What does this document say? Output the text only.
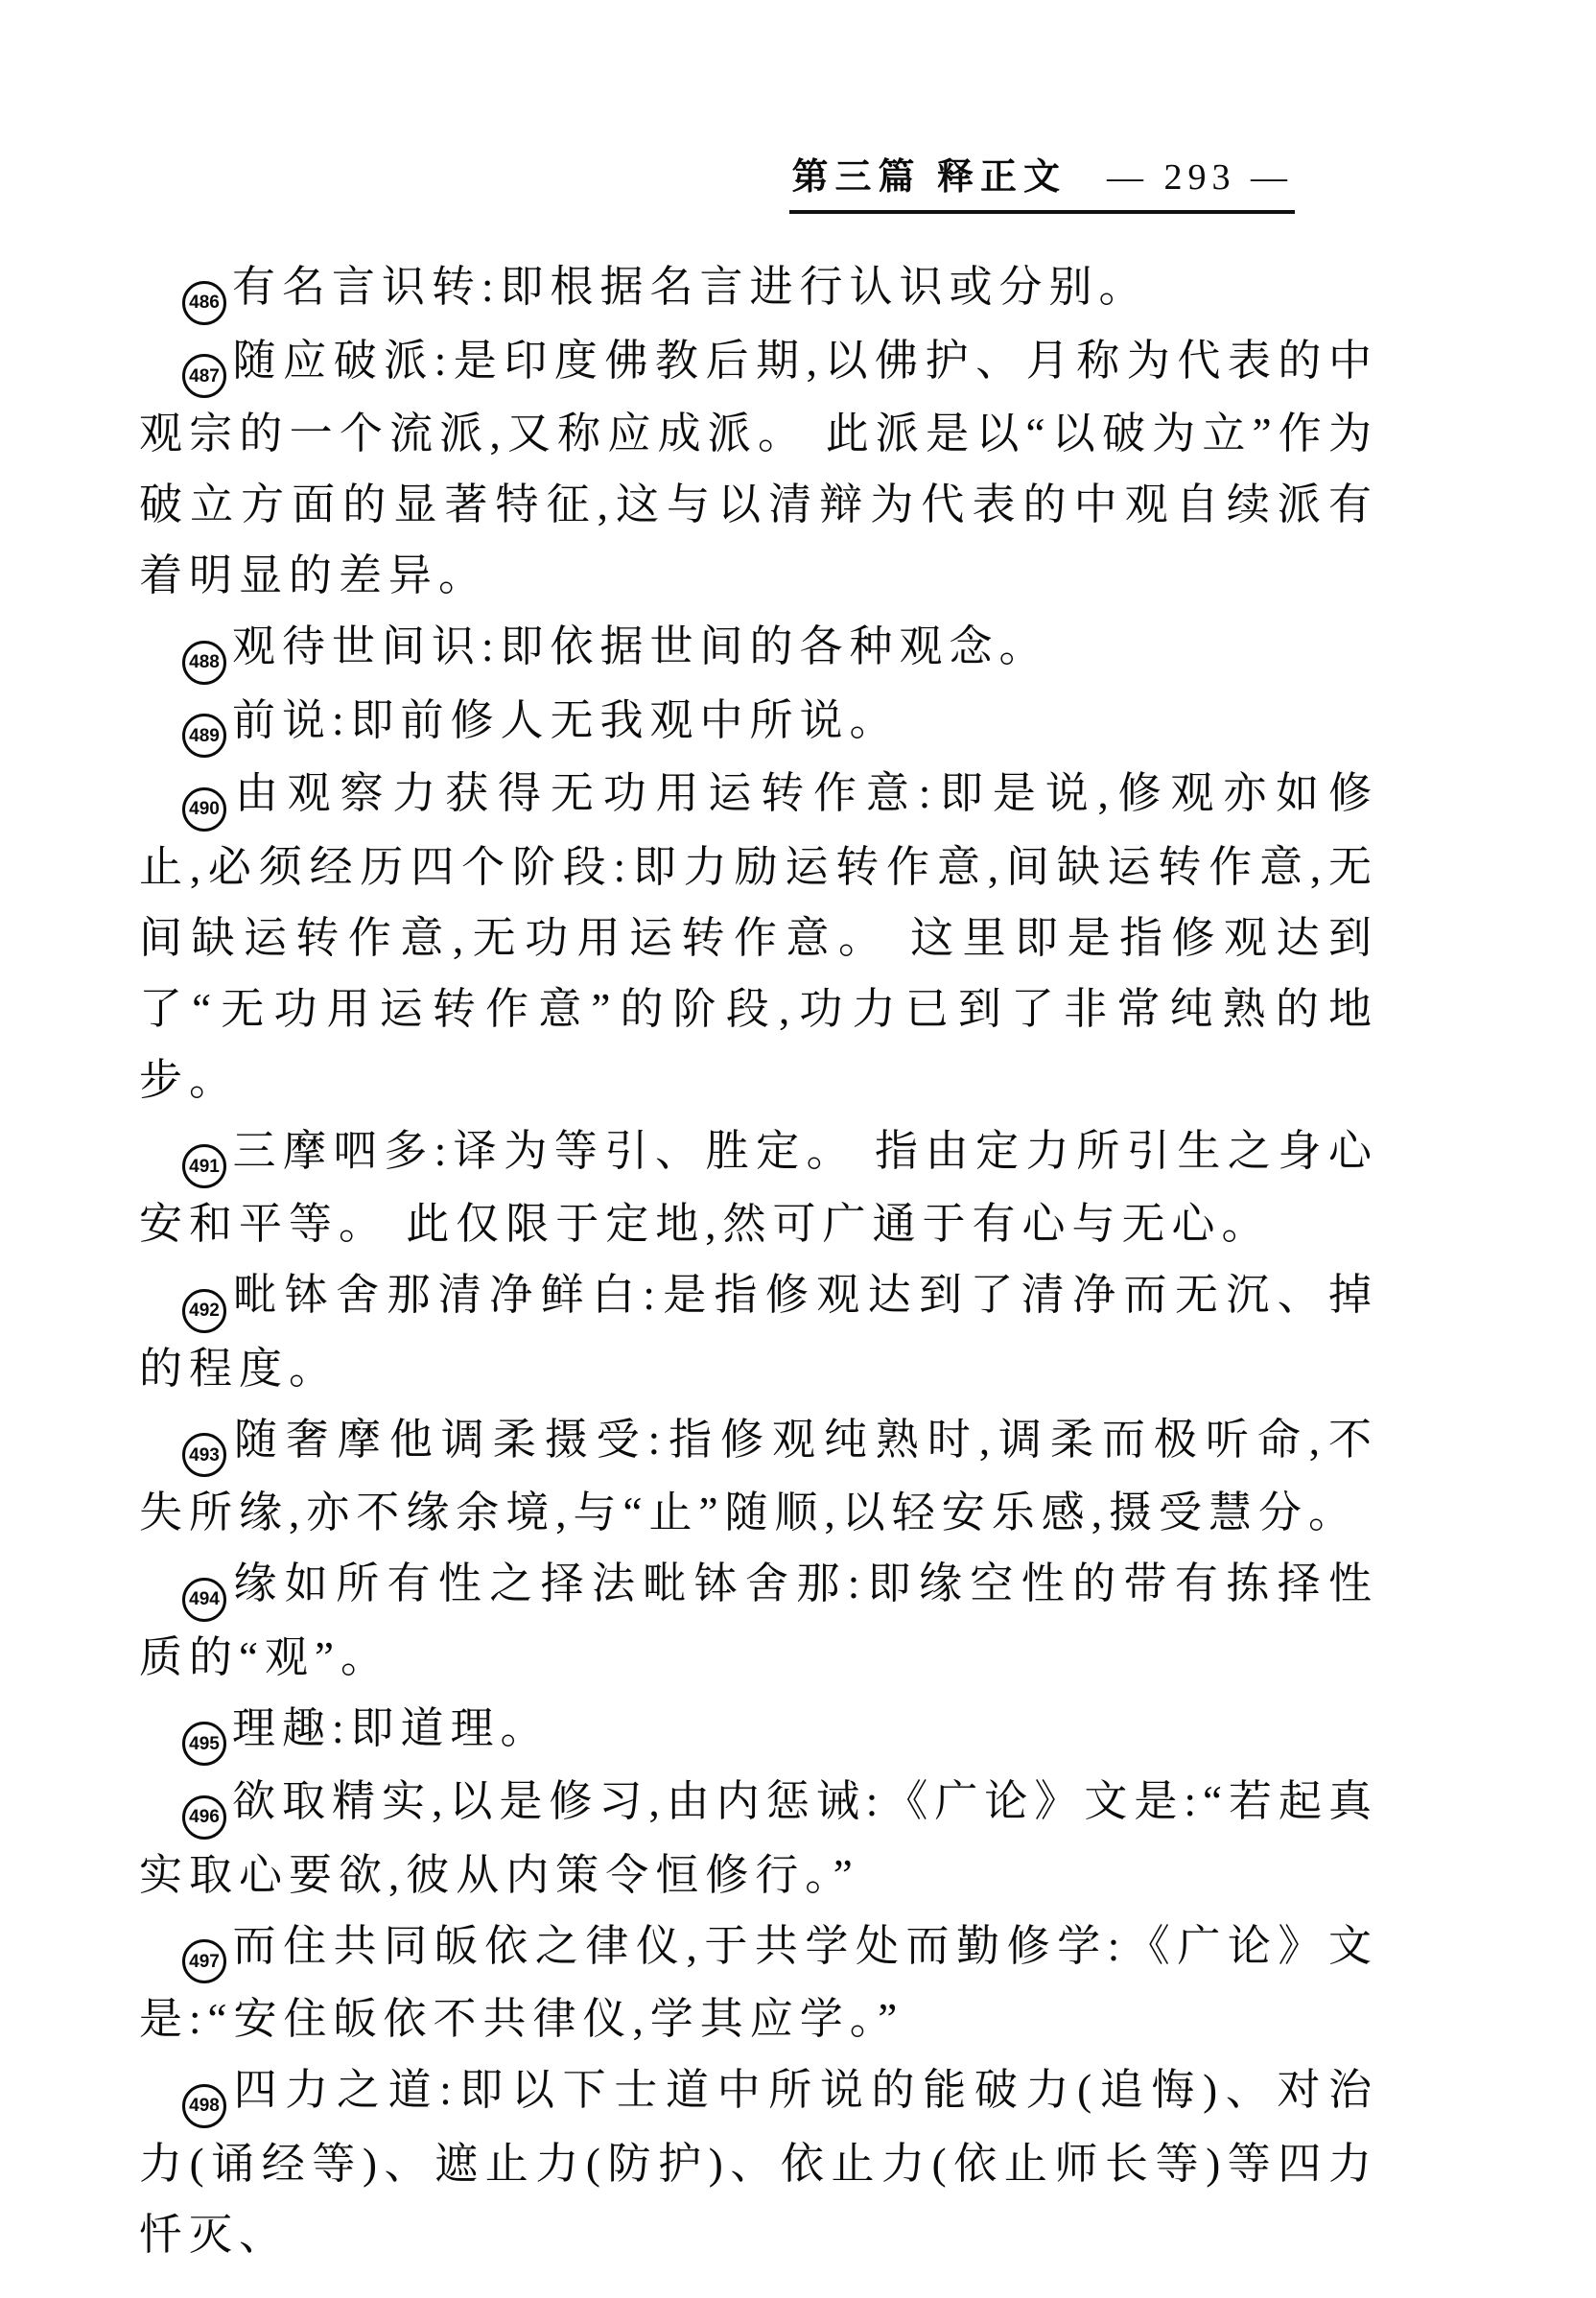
第三篇 释正文 — 293 —

486 有名言识转:即根据名言进行认识或分别。

487 随应破派:是印度佛教后期,以佛护、月称为代表的中观宗的一个流派,又称应成派。 此派是以“以破为立”作为破立方面的显著特征,这与以清辩为代表的中观自续派有着明显的差异。

488 观待世间识:即依据世间的各种观念。

489 前说:即前修人无我观中所说。

490 由观察力获得无功用运转作意:即是说,修观亦如修止,必须经历四个阶段:即力励运转作意,间缺运转作意,无间缺运转作意,无功用运转作意。 这里即是指修观达到了“无功用运转作意”的阶段,功力已到了非常纯熟的地步。

491 三摩呬多:译为等引、胜定。 指由定力所引生之身心安和平等。 此仅限于定地,然可广通于有心与无心。

492 毗钵舍那清净鲜白:是指修观达到了清净而无沉、掉的程度。

493 随奢摩他调柔摄受:指修观纯熟时,调柔而极听命,不失所缘,亦不缘余境,与“止”随顺,以轻安乐感,摄受慧分。

494 缘如所有性之择法毗钵舍那:即缘空性的带有拣择性质的“观”。

495 理趣:即道理。

496 欲取精实,以是修习,由内惩诫:《广论》文是:“若起真实取心要欲,彼从内策令恒修行。”

497 而住共同皈依之律仪,于共学处而勤修学:《广论》文是:“安住皈依不共律仪,学其应学。”

498 四力之道:即以下士道中所说的能破力(追悔)、对治力(诵经等)、遮止力(防护)、依止力(依止师长等)等四力忏灭、
